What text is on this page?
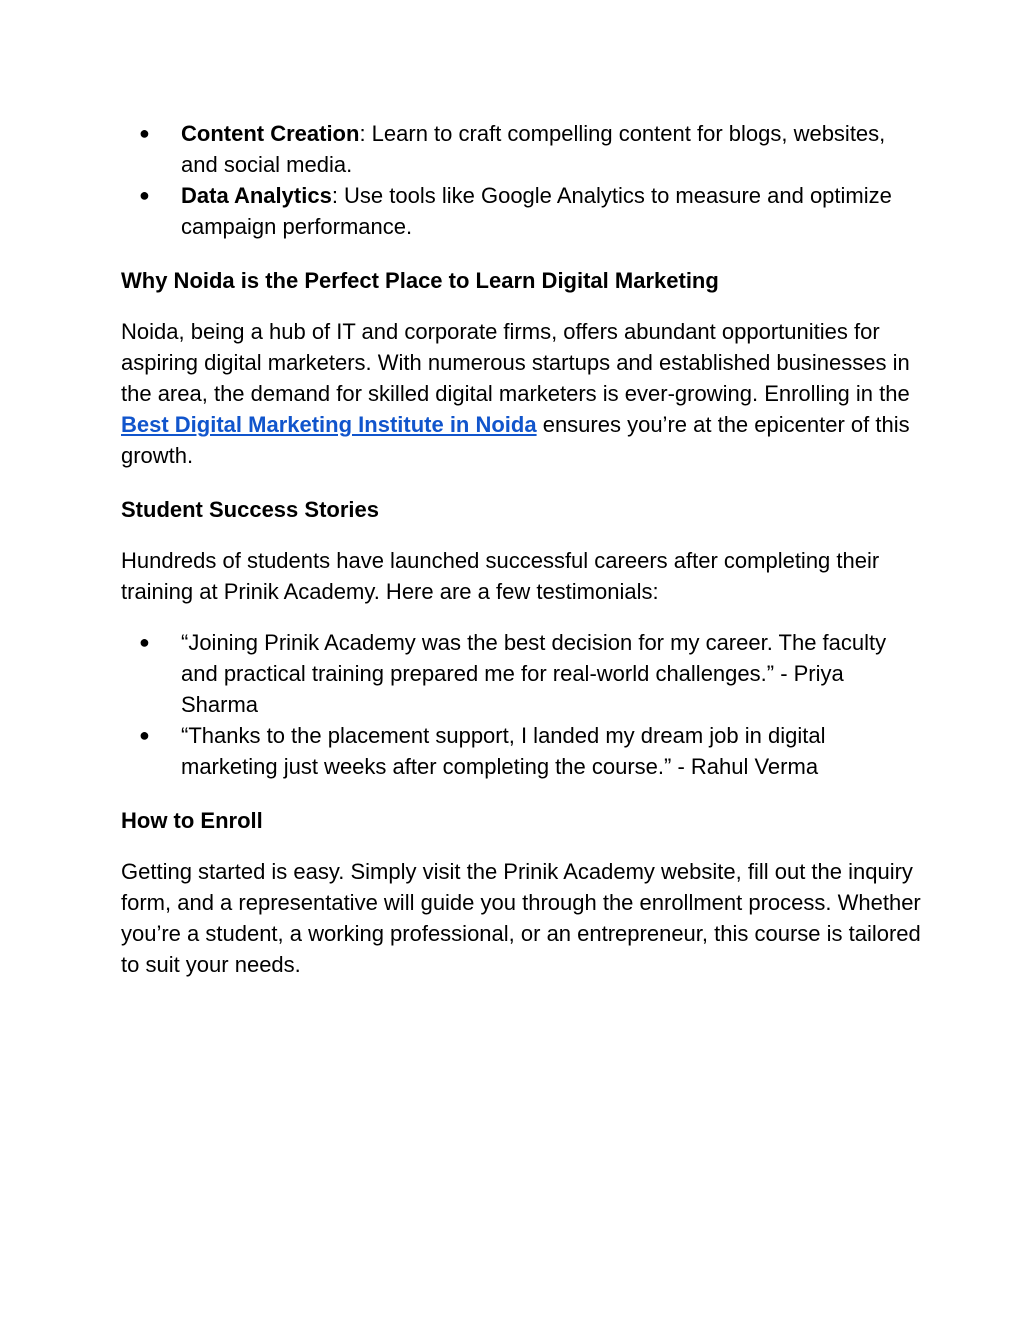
● Content Creation: Learn to craft compelling content for blogs, websites, and social media.
● Data Analytics: Use tools like Google Analytics to measure and optimize campaign performance.
Why Noida is the Perfect Place to Learn Digital Marketing

Noida, being a hub of IT and corporate firms, offers abundant opportunities for aspiring digital marketers. With numerous startups and established businesses in the area, the demand for skilled digital marketers is ever-growing. Enrolling in the Best Digital Marketing Institute in Noida ensures you’re at the epicenter of this growth.

Student Success Stories

Hundreds of students have launched successful careers after completing their training at Prinik Academy. Here are a few testimonials:

● “Joining Prinik Academy was the best decision for my career. The faculty and practical training prepared me for real-world challenges.” - Priya Sharma
● “Thanks to the placement support, I landed my dream job in digital marketing just weeks after completing the course.” - Rahul Verma
How to Enroll

Getting started is easy. Simply visit the Prinik Academy website, fill out the inquiry form, and a representative will guide you through the enrollment process. Whether you’re a student, a working professional, or an entrepreneur, this course is tailored to suit your needs.
